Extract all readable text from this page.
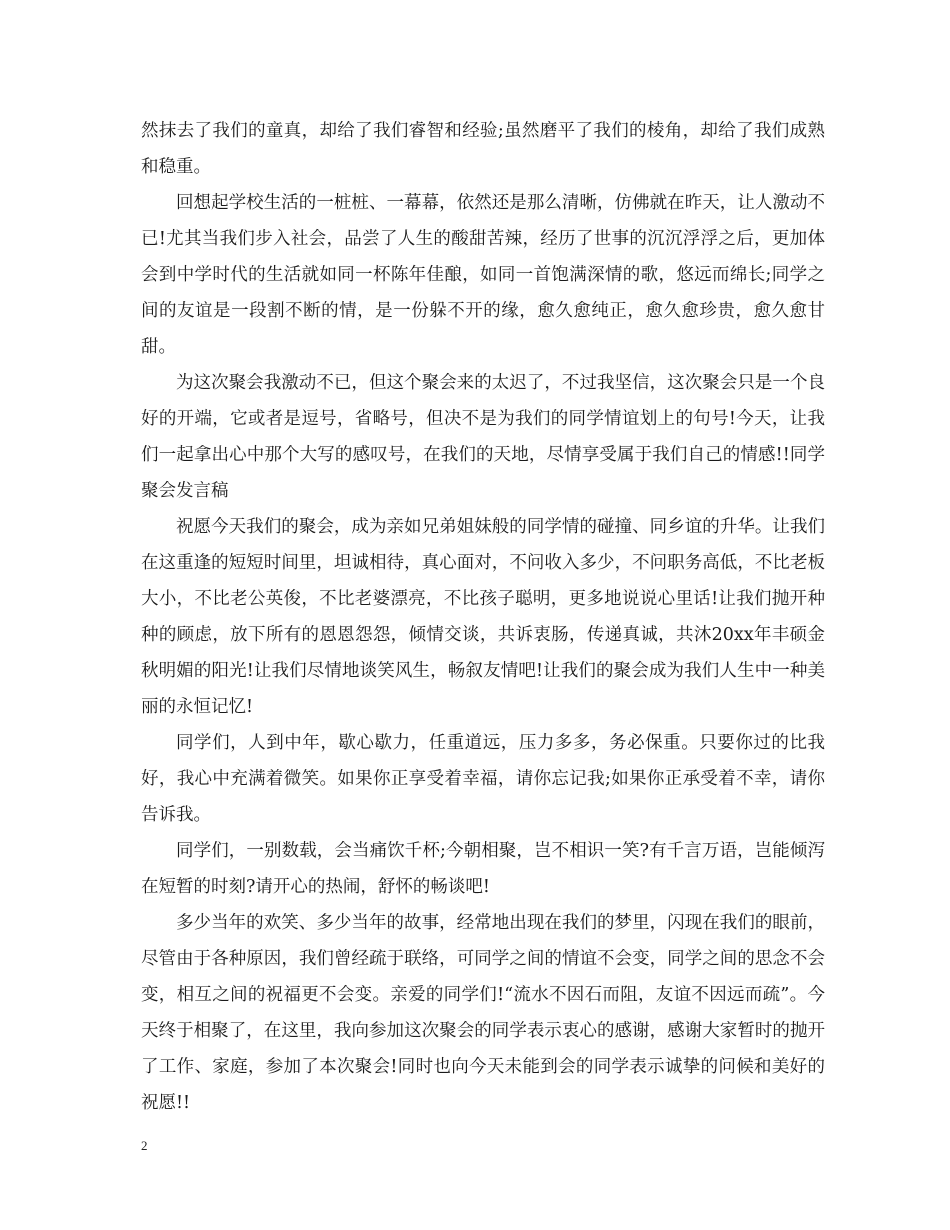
然抹去了我们的童真，却给了我们睿智和经验;虽然磨平了我们的棱角，却给了我们成熟和稳重。

回想起学校生活的一桩桩、一幕幕，依然还是那么清晰，仿佛就在昨天，让人激动不已!尤其当我们步入社会，品尝了人生的酸甜苦辣，经历了世事的沉沉浮浮之后，更加体会到中学时代的生活就如同一杯陈年佳酿，如同一首饱满深情的歌，悠远而绵长;同学之间的友谊是一段割不断的情，是一份躲不开的缘，愈久愈纯正，愈久愈珍贵，愈久愈甘甜。

为这次聚会我激动不已，但这个聚会来的太迟了，不过我坚信，这次聚会只是一个良好的开端，它或者是逗号，省略号，但决不是为我们的同学情谊划上的句号!今天，让我们一起拿出心中那个大写的感叹号，在我们的天地，尽情享受属于我们自己的情感!!同学聚会发言稿

祝愿今天我们的聚会，成为亲如兄弟姐妹般的同学情的碰撞、同乡谊的升华。让我们在这重逢的短短时间里，坦诚相待，真心面对，不问收入多少，不问职务高低，不比老板大小，不比老公英俊，不比老婆漂亮，不比孩子聪明，更多地说说心里话!让我们抛开种种的顾虑，放下所有的恩恩怨怨，倾情交谈，共诉衷肠，传递真诚，共沐20xx年丰硕金秋明媚的阳光!让我们尽情地谈笑风生，畅叙友情吧!让我们的聚会成为我们人生中一种美丽的永恒记忆!

同学们，人到中年，歇心歇力，任重道远，压力多多，务必保重。只要你过的比我好，我心中充满着微笑。如果你正享受着幸福，请你忘记我;如果你正承受着不幸，请你告诉我。

同学们，一别数载，会当痛饮千杯;今朝相聚，岂不相识一笑?有千言万语，岂能倾泻在短暂的时刻?请开心的热闹，舒怀的畅谈吧!

多少当年的欢笑、多少当年的故事，经常地出现在我们的梦里，闪现在我们的眼前，尽管由于各种原因，我们曾经疏于联络，可同学之间的情谊不会变，同学之间的思念不会变，相互之间的祝福更不会变。亲爱的同学们!“流水不因石而阻，友谊不因远而疏”。今天终于相聚了，在这里，我向参加这次聚会的同学表示衷心的感谢，感谢大家暂时的抛开了工作、家庭，参加了本次聚会!同时也向今天未能到会的同学表示诚挚的问候和美好的祝愿!!

2
